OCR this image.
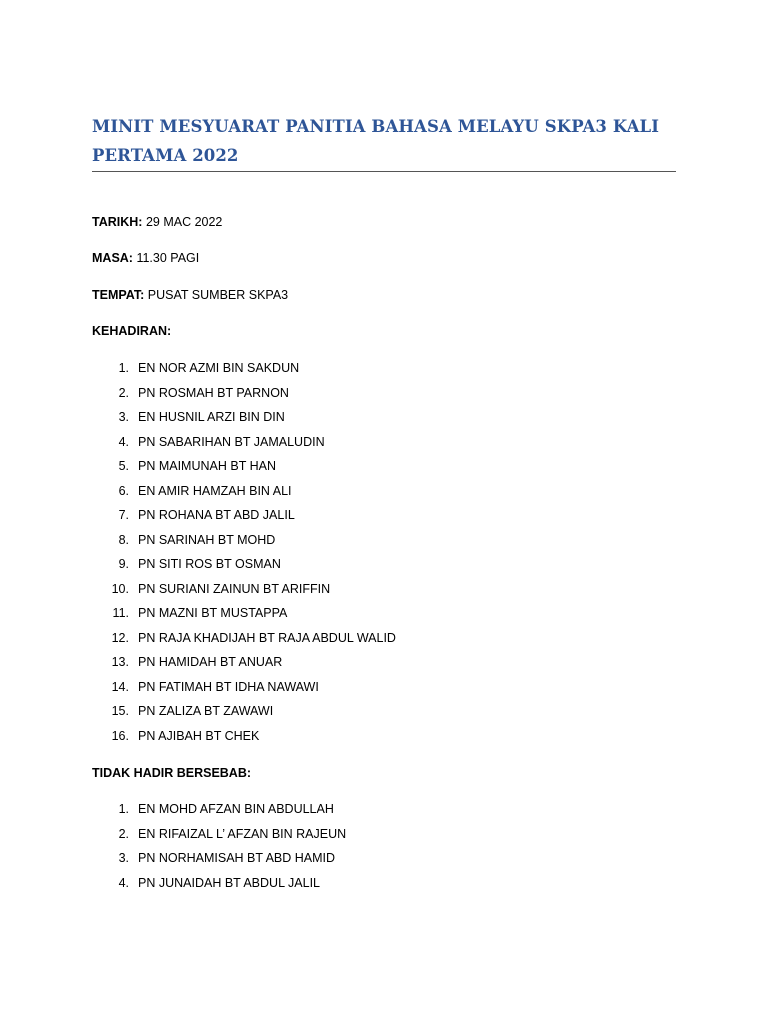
MINIT MESYUARAT PANITIA BAHASA MELAYU SKPA3 KALI PERTAMA 2022

TARIKH: 29 MAC 2022

MASA: 11.30 PAGI

TEMPAT: PUSAT SUMBER SKPA3

KEHADIRAN:

1. EN NOR AZMI BIN SAKDUN
2. PN ROSMAH BT PARNON
3. EN HUSNIL ARZI BIN DIN
4. PN SABARIHAN BT JAMALUDIN
5. PN MAIMUNAH BT HAN
6. EN AMIR HAMZAH BIN ALI
7. PN ROHANA BT ABD JALIL
8. PN SARINAH BT MOHD
9. PN SITI ROS BT OSMAN
10. PN SURIANI ZAINUN BT ARIFFIN
11. PN MAZNI BT MUSTAPPA
12. PN RAJA KHADIJAH BT RAJA ABDUL WALID
13. PN HAMIDAH BT ANUAR
14. PN FATIMAH BT IDHA NAWAWI
15. PN ZALIZA BT ZAWAWI
16. PN AJIBAH BT CHEK

TIDAK HADIR BERSEBAB:

1. EN MOHD AFZAN BIN ABDULLAH
2. EN RIFAIZAL L’ AFZAN BIN RAJEUN
3. PN NORHAMISAH BT ABD HAMID
4. PN JUNAIDAH BT ABDUL JALIL
